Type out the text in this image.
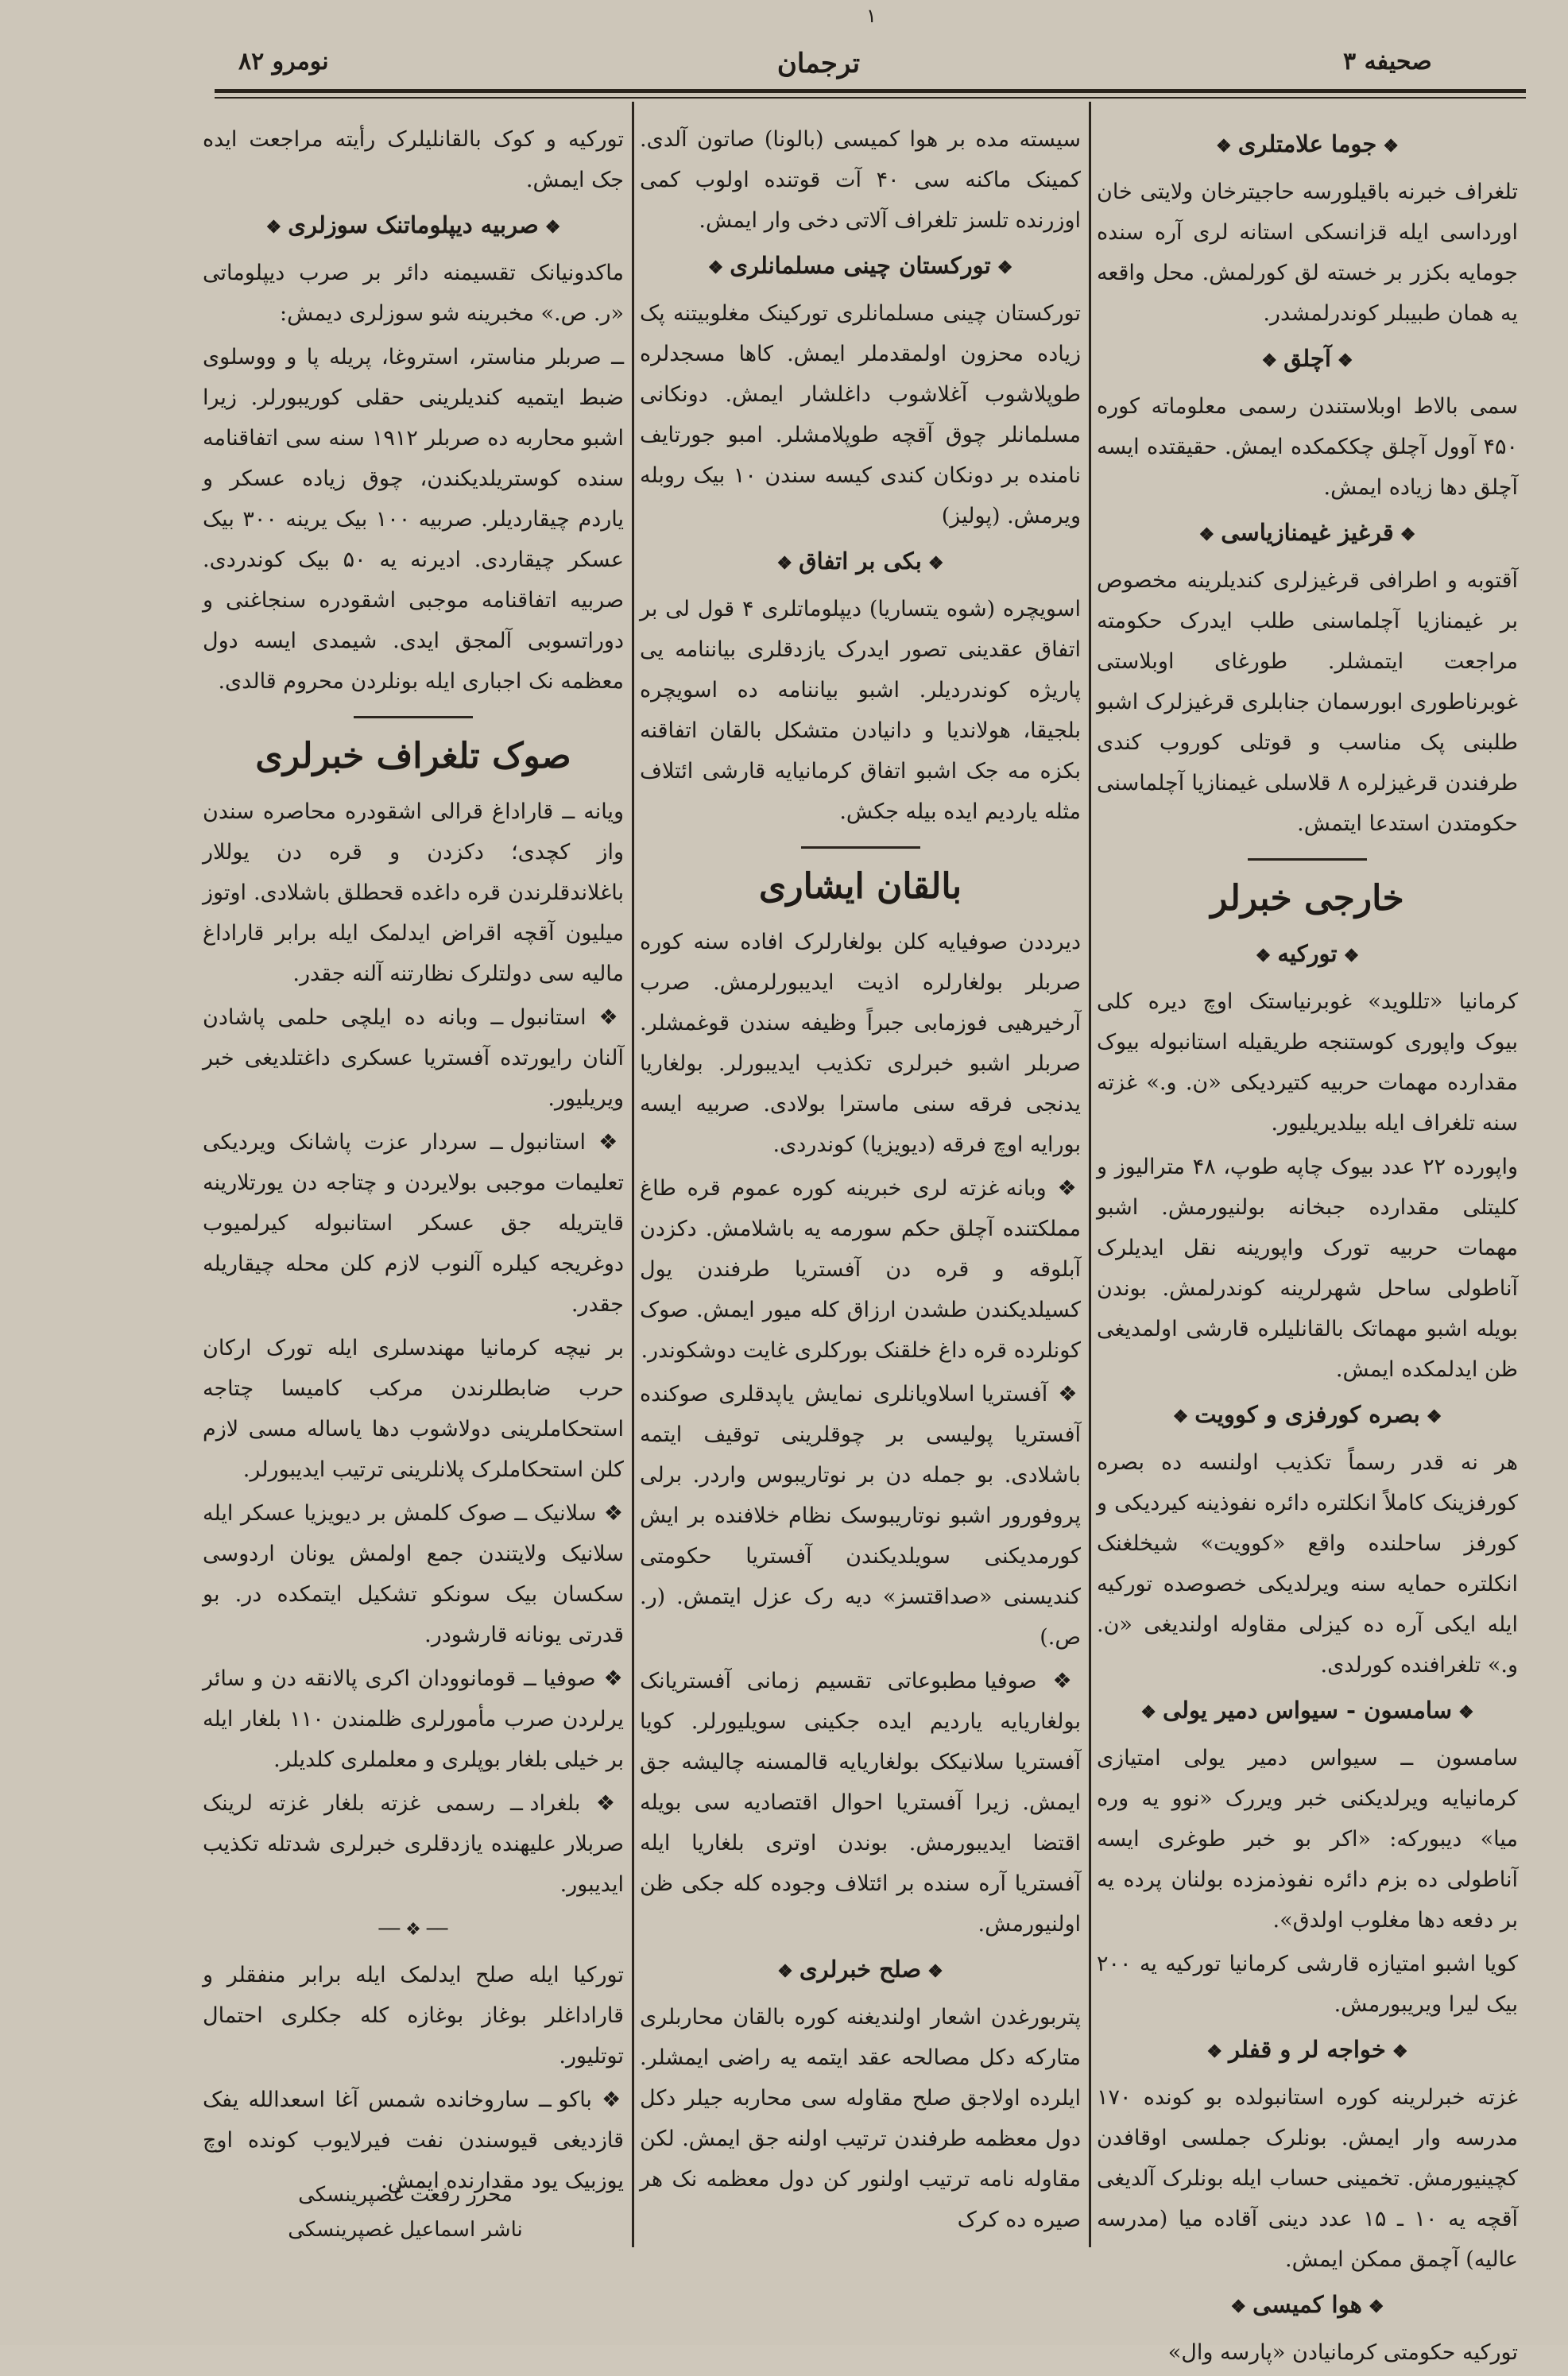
۱
نومرو ۸۲	ترجمان	صحیفه ۳
❖جوما علامتلری❖
تلغراف خبرنه باقیلورسه حاجیترخان ولایتی خان اورداسی ایله قزانسکی استانه لری آره سنده جومایه بکزر بر خسته لق کورلمش. محل واقعه یه همان طبیبلر کوندرلمشدر.
❖آچلق❖
سمی بالاط اوبلاستندن رسمی معلوماته کوره ۴۵۰ آوول آچلق چککمکده ایمش. حقیقتده ایسه آچلق دها زیاده ایمش.
❖قرغیز غیمنازیاسی❖
آقتوبه و اطرافی قرغیزلری کندیلرینه مخصوص بر غیمنازیا آچلماسنی طلب ایدرک حکومته مراجعت ایتمشلر. طورغای اوبلاستی غوبرناطوری ابورسمان جنابلری قرغیزلرک اشبو طلبنی پک مناسب و قوتلی کوروب کندی طرفندن قرغیزلره ۸ قلاسلی غیمنازیا آچلماسنی حکومتدن استدعا ایتمش.
خارجی خبرلر
❖تورکیه❖
کرمانیا «تللوید» غوبرنیاستک اوچ دیره کلی بیوک واپوری کوستنجه طریقیله استانبوله بیوک مقدارده مهمات حربیه کتیردیکی «ن. و.» غزته سنه تلغراف ایله بیلدیریلیور.
واپورده ۲۲ عدد بیوک چاپه طوپ، ۴۸ مترالیوز و کلیتلی مقدارده جبخانه بولنیورمش. اشبو مهمات حربیه تورک واپورینه نقل ایدیلرک آناطولی ساحل شهرلرینه کوندرلمش. بوندن بویله اشبو مهماتک بالقانلیلره قارشی اولمدیغی ظن ایدلمکده ایمش.
❖بصره کورفزی و کوویت❖
هر نه قدر رسماً تکذیب اولنسه ده بصره کورفزینک کاملاً انکلتره دائره نفوذینه کیردیکی و کورفز ساحلنده واقع «کوویت» شیخلغنک انکلتره حمایه سنه ویرلدیکی خصوصده تورکیه ایله ایکی آره ده کیزلی مقاوله اولندیغی «ن. و.» تلغرافنده کورلدی.
❖سامسون - سیواس دمیر یولی❖
سامسون ــ سیواس دمیر یولی امتیازی کرمانیایه ویرلدیکنی خبر ویررک «نوو یه وره میا» دیبورکه: «اکر بو خبر طوغری ایسه آناطولی ده بزم دائره نفوذمزده بولنان پرده یه بر دفعه دها مغلوب اولدق».
کویا اشبو امتیازه قارشی کرمانیا تورکیه یه ۲۰۰ بیک لیرا ویریبورمش.
❖خواجه لر و قفلر❖
غزته خبرلرینه کوره استانبولده بو کونده ۱۷۰ مدرسه وار ایمش. بونلرک جملسی اوقافدن کچینیورمش. تخمینی حساب ایله بونلرک آلدیغی آقچه یه ۱۰ ـ ۱۵ عدد دینی آقاده میا (مدرسه عالیه) آچمق ممکن ایمش.
❖هوا کمیسی❖
تورکیه حکومتی کرمانیادن «پارسه وال»
سیسته مده بر هوا کمیسی (بالونا) صاتون آلدی. کمینک ماکنه سی ۴۰ آت قوتنده اولوب کمی اوزرنده تلسز تلغراف آلاتی دخی وار ایمش.
❖تورکستان چینی مسلمانلری❖
تورکستان چینی مسلمانلری تورکینک مغلوبیتنه پک زیاده محزون اولمقدملر ایمش. کاها مسجدلره طوپلاشوب آغلاشوب داغلشار ایمش. دونکانی مسلمانلر چوق آقچه طوپلامشلر. امبو جورتایف نامنده بر دونکان کندی کیسه سندن ۱۰ بیک روبله ویرمش. (پولیز)
❖بکی بر اتفاق❖
اسویچره (شوه یتساریا) دیپلوماتلری ۴ قول لی بر اتفاق عقدینی تصور ایدرک یازدقلری بیاننامه یی پاریژه کوندردیلر. اشبو بیاننامه ده اسویچره بلجیقا، هولاندیا و دانیادن متشکل بالقان اتفاقنه بکزه مه جک اشبو اتفاق کرمانیایه قارشی ائتلاف مثله یاردیم ایده بیله جکش.
بالقان ایشاری
دیرددن صوفیایه کلن بولغارلرک افاده سنه کوره صربلر بولغارلره اذیت ایدیبورلرمش. صرب آرخیرهیی فوزمابی جبراً وظیفه سندن قوغمشلر. صربلر اشبو خبرلری تکذیب ایدیبورلر. بولغاریا یدنجی فرقه سنی ماسترا بولادی. صربیه ایسه بورایه اوچ فرقه (دیویزیا) کوندردی.
❖ وبانه غزته لری خبرینه کوره عموم قره طاغ مملکتنده آچلق حکم سورمه یه باشلامش. دکزدن آبلوقه و قره دن آفستریا طرفندن یول کسیلدیکندن طشدن ارزاق کله میور ایمش. صوک کونلرده قره داغ خلقنک بورکلری غایت دوشکوندر.
❖ آفستریا اسلاویانلری نمایش یاپدقلری صوکنده آفستریا پولیسی بر چوقلرینی توقیف ایتمه باشلادی. بو جمله دن بر نوتاریبوس واردر. برلی پروفورور اشبو نوتاریبوسک نظام خلافنده بر ایش کورمدیکنی سویلدیکندن آفستریا حکومتی کندیسنی «صداقتسز» دیه رک عزل ایتمش. (ر. ص.)
❖ صوفیا مطبوعاتی تقسیم زمانی آفستریانک بولغاریایه یاردیم ایده جکینی سویلیورلر. کویا آفستریا سلانیکک بولغاریایه قالمسنه چالیشه جق ایمش. زیرا آفستریا احوال اقتصادیه سی بویله اقتضا ایدیبورمش. بوندن اوتری بلغاریا ایله آفستریا آره سنده بر ائتلاف وجوده کله جکی ظن اولنیورمش.
❖صلح خبرلری❖
پتربورغدن اشعار اولندیغنه کوره بالقان محاربلری متارکه دکل مصالحه عقد ایتمه یه راضی ایمشلر. ایلرده اولاجق صلح مقاوله سی محاربه جیلر دکل دول معظمه طرفندن ترتیب اولنه جق ایمش. لکن مقاوله نامه ترتیب اولنور کن دول معظمه نک هر صیره ده کرک
تورکیه و کوک بالقانلیلرک رأیته مراجعت ایده جک ایمش.
❖صربیه دیپلوماتنک سوزلری❖
ماکدونیانک تقسیمنه دائر بر صرب دیپلوماتی «ر. ص.» مخبرینه شو سوزلری دیمش:
ــ صربلر مناستر، استروغا، پریله پا و ووسلوی ضبط ایتمیه کندیلرینی حقلی کوریبورلر. زیرا اشبو محاربه ده صربلر ۱۹۱۲ سنه سی اتفاقنامه سنده کوستریلدیکندن، چوق زیاده عسکر و یاردم چیقاردیلر. صربیه ۱۰۰ بیک یرینه ۳۰۰ بیک عسکر چیقاردی. ادیرنه یه ۵۰ بیک کوندردی. صربیه اتفاقنامه موجبی اشقودره سنجاغنی و دوراتسوبی آلمجق ایدی. شیمدی ایسه دول معظمه نک اجباری ایله بونلردن محروم قالدی.
صوک تلغراف خبرلری
ویانه ــ قاراداغ قرالی اشقودره محاصره سندن واز کچدی؛ دکزدن و قره دن یوللار باغلاندقلرندن قره داغده قحطلق باشلادی. اوتوز میلیون آقچه اقراض ایدلمک ایله برابر قاراداغ مالیه سی دولتلرک نظارتنه آلنه جقدر.
❖ استانبول ــ وبانه ده ایلچی حلمی پاشادن آلنان رایورتده آفستریا عسکری داغتلدیغی خبر ویریلیور.
❖ استانبول ــ سردار عزت پاشانک ویردیکی تعلیمات موجبی بولایردن و چتاجه دن یورتلارینه قایتریله جق عسکر استانبوله کیرلمیوب دوغریجه کیلره آلنوب لازم کلن محله چیقاریله جقدر.
بر نیچه کرمانیا مهندسلری ایله تورک ارکان حرب ضابطلرندن مرکب کامیسا چتاجه استحکاملرینی دولاشوب دها یاساله مسی لازم کلن استحکاملرک پلانلرینی ترتیب ایدیبورلر.
❖ سلانیک ــ صوک کلمش بر دیویزیا عسکر ایله سلانیک ولایتندن جمع اولمش یونان اردوسی سکسان بیک سونکو تشکیل ایتمکده در. بو قدرتی یونانه قارشودر.
❖ صوفیا ــ قومانوودان اکری پالانقه دن و سائر یرلردن صرب مأمورلری ظلمندن ۱۱۰ بلغار ایله بر خیلی بلغار بوپلری و معلملری کلدیلر.
❖ بلغراد ــ رسمی غزته بلغار غزته لرینک صربلار علیهنده یازدقلری خبرلری شدتله تکذیب ایدیبور.
── ❖ ──
تورکیا ایله صلح ایدلمک ایله برابر منفقلر و قاراداغلر بوغاز بوغازه کله جکلری احتمال توتلیور.
❖ باکو ــ ساروخانده شمس آغا اسعدالله یفک قازدیغی قیوسندن نفت فیرلایوب کونده اوچ یوزبیک یود مقدارنده ایمش.
محرر رفعت غصپرینسکی
ناشر اسماعیل غصپرینسکی
